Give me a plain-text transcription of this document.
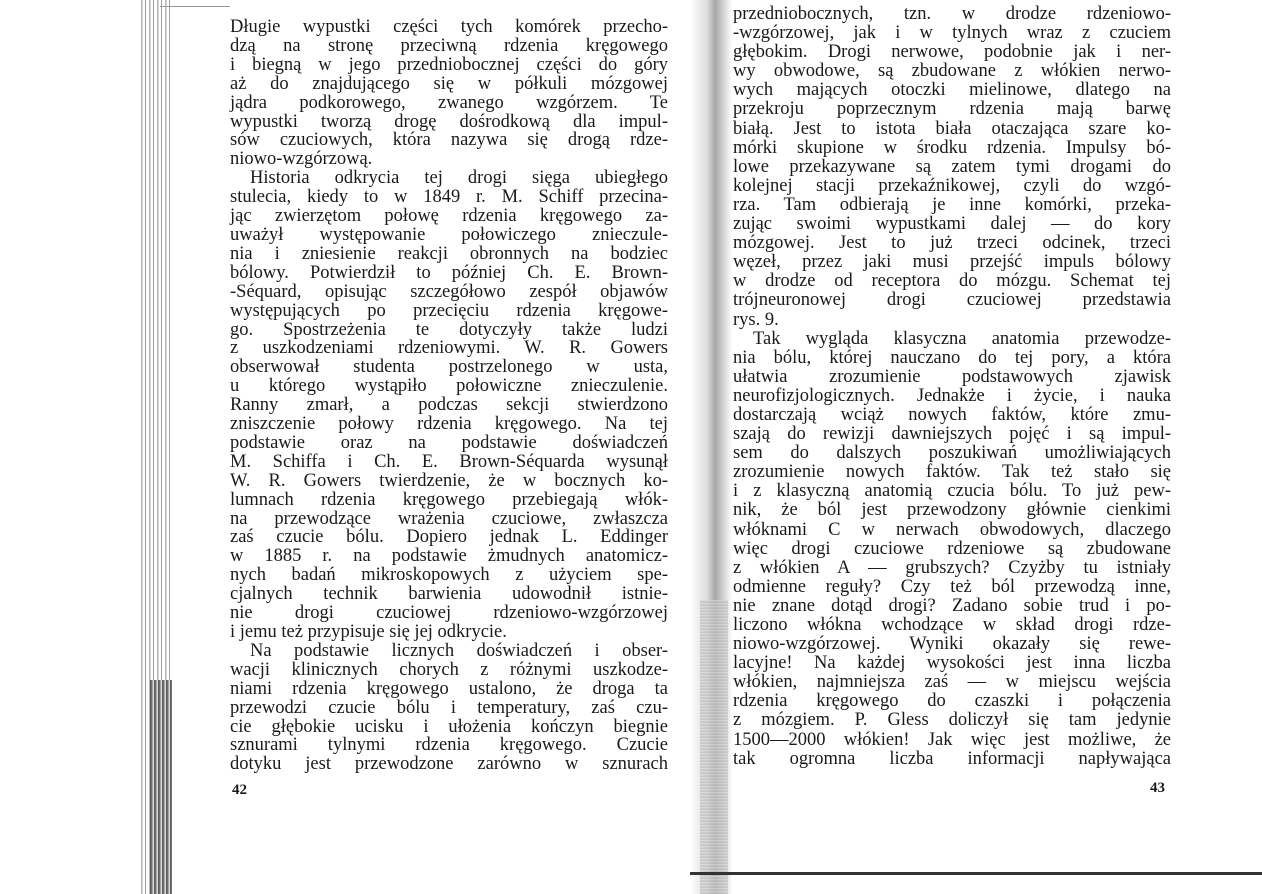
Długie wypustki części tych komórek przecho-
dzą na stronę przeciwną rdzenia kręgowego
i biegną w jego przedniobocznej części do góry
aż do znajdującego się w półkuli mózgowej
jądra podkorowego, zwanego wzgórzem. Te
wypustki tworzą drogę dośrodkową dla impul-
sów czuciowych, która nazywa się drogą rdze-
niowo-wzgórzową.
Historia odkrycia tej drogi sięga ubiegłego
stulecia, kiedy to w 1849 r. M. Schiff przecina-
jąc zwierzętom połowę rdzenia kręgowego za-
uważył występowanie połowiczego znieczule-
nia i zniesienie reakcji obronnych na bodziec
bólowy. Potwierdził to później Ch. E. Brown-
-Séquard, opisując szczegółowo zespół objawów
występujących po przecięciu rdzenia kręgowe-
go. Spostrzeżenia te dotyczyły także ludzi
z uszkodzeniami rdzeniowymi. W. R. Gowers
obserwował studenta postrzelonego w usta,
u którego wystąpiło połowiczne znieczulenie.
Ranny zmarł, a podczas sekcji stwierdzono
zniszczenie połowy rdzenia kręgowego. Na tej
podstawie oraz na podstawie doświadczeń
M. Schiffa i Ch. E. Brown-Séquarda wysunął
W. R. Gowers twierdzenie, że w bocznych ko-
lumnach rdzenia kręgowego przebiegają włók-
na przewodzące wrażenia czuciowe, zwłaszcza
zaś czucie bólu. Dopiero jednak L. Eddinger
w 1885 r. na podstawie żmudnych anatomicz-
nych badań mikroskopowych z użyciem spe-
cjalnych technik barwienia udowodnił istnie-
nie drogi czuciowej rdzeniowo-wzgórzowej
i jemu też przypisuje się jej odkrycie.
Na podstawie licznych doświadczeń i obser-
wacji klinicznych chorych z różnymi uszkodze-
niami rdzenia kręgowego ustalono, że droga ta
przewodzi czucie bólu i temperatury, zaś czu-
cie głębokie ucisku i ułożenia kończyn biegnie
sznurami tylnymi rdzenia kręgowego. Czucie
dotyku jest przewodzone zarówno w sznurach
42
przedniobocznych, tzn. w drodze rdzeniowo-
-wzgórzowej, jak i w tylnych wraz z czuciem
głębokim. Drogi nerwowe, podobnie jak i ner-
wy obwodowe, są zbudowane z włókien nerwo-
wych mających otoczki mielinowe, dlatego na
przekroju poprzecznym rdzenia mają barwę
białą. Jest to istota biała otaczająca szare ko-
mórki skupione w środku rdzenia. Impulsy bó-
lowe przekazywane są zatem tymi drogami do
kolejnej stacji przekaźnikowej, czyli do wzgó-
rza. Tam odbierają je inne komórki, przeka-
zując swoimi wypustkami dalej — do kory
mózgowej. Jest to już trzeci odcinek, trzeci
węzeł, przez jaki musi przejść impuls bólowy
w drodze od receptora do mózgu. Schemat tej
trójneuronowej drogi czuciowej przedstawia
rys. 9.
Tak wygląda klasyczna anatomia przewodze-
nia bólu, której nauczano do tej pory, a która
ułatwia zrozumienie podstawowych zjawisk
neurofizjologicznych. Jednakże i życie, i nauka
dostarczają wciąż nowych faktów, które zmu-
szają do rewizji dawniejszych pojęć i są impul-
sem do dalszych poszukiwań umożliwiających
zrozumienie nowych faktów. Tak też stało się
i z klasyczną anatomią czucia bólu. To już pew-
nik, że ból jest przewodzony głównie cienkimi
włóknami C w nerwach obwodowych, dlaczego
więc drogi czuciowe rdzeniowe są zbudowane
z włókien A — grubszych? Czyżby tu istniały
odmienne reguły? Czy też ból przewodzą inne,
nie znane dotąd drogi? Zadano sobie trud i po-
liczono włókna wchodzące w skład drogi rdze-
niowo-wzgórzowej. Wyniki okazały się rewe-
lacyjne! Na każdej wysokości jest inna liczba
włókien, najmniejsza zaś — w miejscu wejścia
rdzenia kręgowego do czaszki i połączenia
z mózgiem. P. Gless doliczył się tam jedynie
1500—2000 włókien! Jak więc jest możliwe, że
tak ogromna liczba informacji napływająca
43
